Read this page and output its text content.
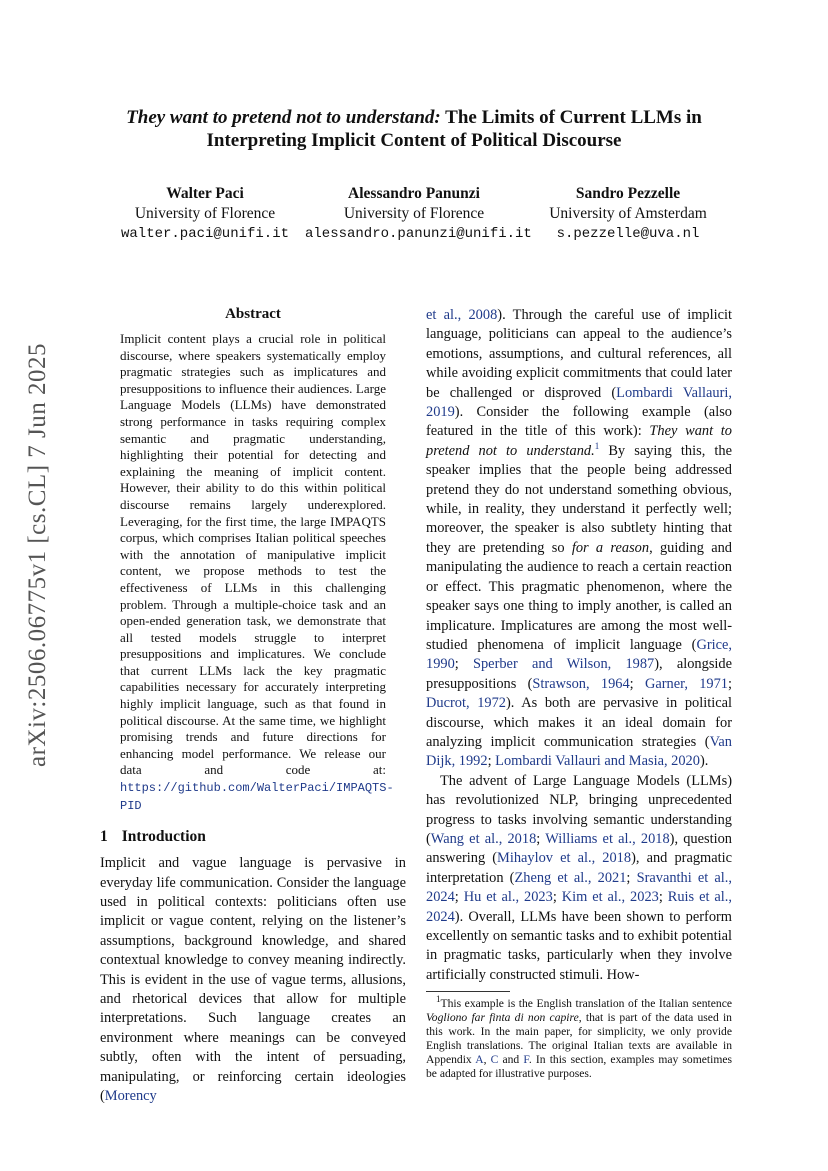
arXiv:2506.06775v1 [cs.CL] 7 Jun 2025
They want to pretend not to understand: The Limits of Current LLMs in
Interpreting Implicit Content of Political Discourse
Walter Paci
University of Florence
walter.paci@unifi.it
Alessandro Panunzi
University of Florence
alessandro.panunzi@unifi.it
Sandro Pezzelle
University of Amsterdam
s.pezzelle@uva.nl
Abstract
Implicit content plays a crucial role in political discourse, where speakers systematically employ pragmatic strategies such as implicatures and presuppositions to influence their audiences. Large Language Models (LLMs) have demonstrated strong performance in tasks requiring complex semantic and pragmatic understanding, highlighting their potential for detecting and explaining the meaning of implicit content. However, their ability to do this within political discourse remains largely underexplored. Leveraging, for the first time, the large IMPAQTS corpus, which comprises Italian political speeches with the annotation of manipulative implicit content, we propose methods to test the effectiveness of LLMs in this challenging problem. Through a multiple-choice task and an open-ended generation task, we demonstrate that all tested models struggle to interpret presuppositions and implicatures. We conclude that current LLMs lack the key pragmatic capabilities necessary for accurately interpreting highly implicit language, such as that found in political discourse. At the same time, we highlight promising trends and future directions for enhancing model performance. We release our data and code at: https://github.com/WalterPaci/IMPAQTS-PID
1 Introduction

Implicit and vague language is pervasive in everyday life communication. Consider the language used in political contexts: politicians often use implicit or vague content, relying on the listener’s assumptions, background knowledge, and shared contextual knowledge to convey meaning indirectly. This is evident in the use of vague terms, allusions, and rhetorical devices that allow for multiple interpretations. Such language creates an environment where meanings can be conveyed subtly, often with the intent of persuading, manipulating, or reinforcing certain ideologies (Morency

et al., 2008). Through the careful use of implicit language, politicians can appeal to the audience’s emotions, assumptions, and cultural references, all while avoiding explicit commitments that could later be challenged or disproved (Lombardi Vallauri, 2019). Consider the following example (also featured in the title of this work): They want to pretend not to understand.$^1$ By saying this, the speaker implies that the people being addressed pretend they do not understand something obvious, while, in reality, they understand it perfectly well; moreover, the speaker is also subtlety hinting that they are pretending so for a reason, guiding and manipulating the audience to reach a certain reaction or effect. This pragmatic phenomenon, where the speaker says one thing to imply another, is called an implicature. Implicatures are among the most well-studied phenomena of implicit language (Grice, 1990; Sperber and Wilson, 1987), alongside presuppositions (Strawson, 1964; Garner, 1971; Ducrot, 1972). As both are pervasive in political discourse, which makes it an ideal domain for analyzing implicit communication strategies (Van Dijk, 1992; Lombardi Vallauri and Masia, 2020).

The advent of Large Language Models (LLMs) has revolutionized NLP, bringing unprecedented progress to tasks involving semantic understanding (Wang et al., 2018; Williams et al., 2018), question answering (Mihaylov et al., 2018), and pragmatic interpretation (Zheng et al., 2021; Sravanthi et al., 2024; Hu et al., 2023; Kim et al., 2023; Ruis et al., 2024). Overall, LLMs have been shown to perform excellently on semantic tasks and to exhibit potential in pragmatic tasks, particularly when they involve artificially constructed stimuli. How-

$^1$This example is the English translation of the Italian sentence Vogliono far finta di non capire, that is part of the data used in this work. In the main paper, for simplicity, we only provide English translations. The original Italian texts are available in Appendix A, C and F. In this section, examples may sometimes be adapted for illustrative purposes.
